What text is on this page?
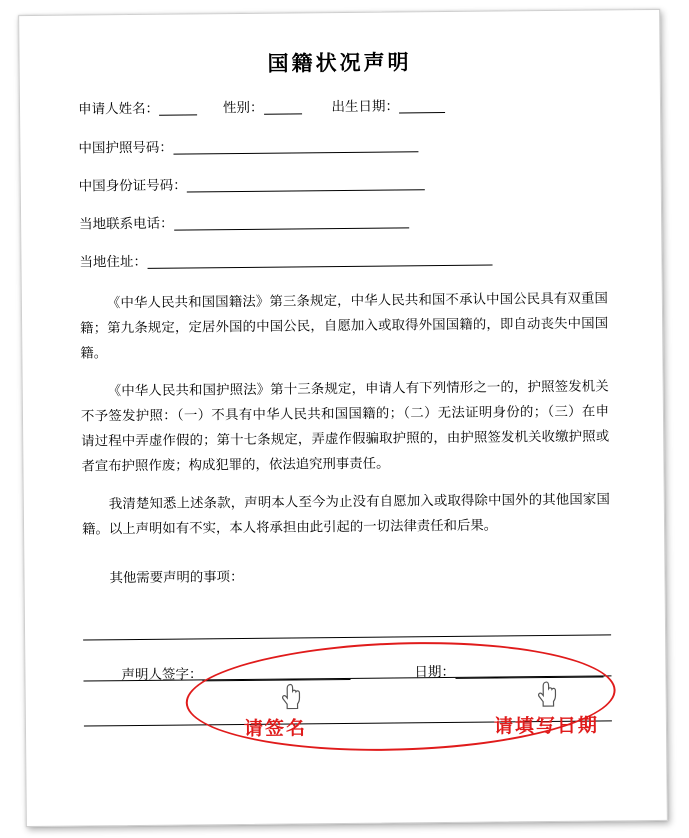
国籍状况声明
申请人姓名：	性别：	出生日期：
中国护照号码：
中国身份证号码：
当地联系电话：
当地住址：

《中华人民共和国国籍法》第三条规定，中华人民共和国不承认中国公民具有双重国籍；第九条规定，定居外国的中国公民，自愿加入或取得外国国籍的，即自动丧失中国国籍。

《中华人民共和国护照法》第十三条规定，申请人有下列情形之一的，护照签发机关不予签发护照：（一）不具有中华人民共和国国籍的；（二）无法证明身份的；（三）在申请过程中弄虚作假的；第十七条规定，弄虚作假骗取护照的，由护照签发机关收缴护照或者宣布护照作废；构成犯罪的，依法追究刑事责任。

我清楚知悉上述条款，声明本人至今为止没有自愿加入或取得除中国外的其他国家国籍。以上声明如有不实，本人将承担由此引起的一切法律责任和后果。

其他需要声明的事项：
声明人签字：	日期：
请签名	请填写日期
